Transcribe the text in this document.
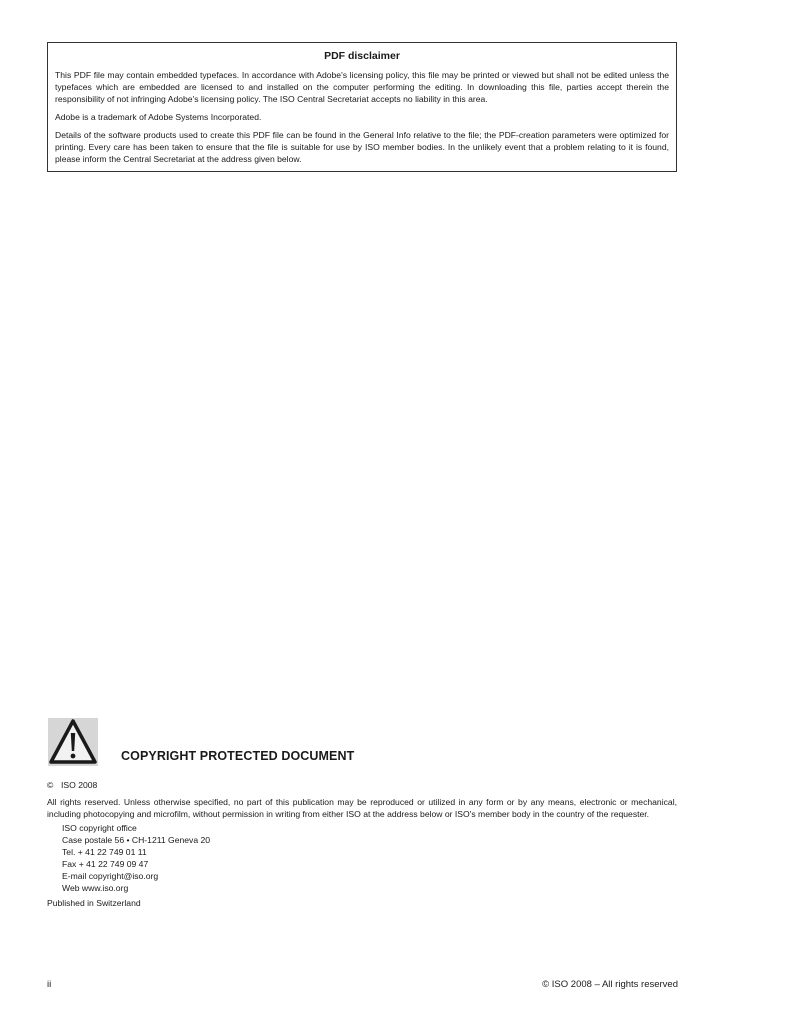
PDF disclaimer

This PDF file may contain embedded typefaces. In accordance with Adobe's licensing policy, this file may be printed or viewed but shall not be edited unless the typefaces which are embedded are licensed to and installed on the computer performing the editing. In downloading this file, parties accept therein the responsibility of not infringing Adobe's licensing policy. The ISO Central Secretariat accepts no liability in this area.

Adobe is a trademark of Adobe Systems Incorporated.

Details of the software products used to create this PDF file can be found in the General Info relative to the file; the PDF-creation parameters were optimized for printing. Every care has been taken to ensure that the file is suitable for use by ISO member bodies. In the unlikely event that a problem relating to it is found, please inform the Central Secretariat at the address given below.

COPYRIGHT PROTECTED DOCUMENT
© ISO 2008

All rights reserved. Unless otherwise specified, no part of this publication may be reproduced or utilized in any form or by any means, electronic or mechanical, including photocopying and microfilm, without permission in writing from either ISO at the address below or ISO's member body in the country of the requester.

ISO copyright office
Case postale 56 • CH-1211 Geneva 20
Tel. + 41 22 749 01 11
Fax + 41 22 749 09 47
E-mail copyright@iso.org
Web www.iso.org

Published in Switzerland

ii	© ISO 2008 – All rights reserved
